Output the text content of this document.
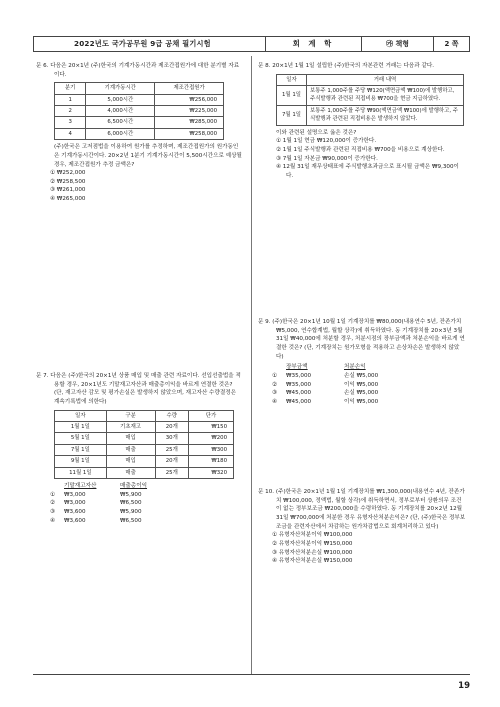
2022년도 국가공무원 9급 공채 필기시험	회 계 학	㉮ 책형	2 쪽

문 6. 다음은 20×1년 (주)한국의 기계가동시간과 제조간접원가에 대한 분기별 자료이다.

분기	기계가동시간	제조간접원가
1	5,000시간	₩256,000
2	4,000시간	₩225,000
3	6,500시간	₩285,000
4	6,000시간	₩258,000

(주)한국은 고저점법을 이용하여 원가를 추정하며, 제조간접원가의 원가동인은 기계가동시간이다. 20×2년 1분기 기계가동시간이 5,500시간으로 예상될 경우, 제조간접원가 추정 금액은?

① ₩252,000

② ₩258,500

③ ₩261,000

④ ₩265,000

문 7. 다음은 (주)한국의 20×1년 상품 매입 및 매출 관련 자료이다. 선입선출법을 적용할 경우, 20×1년도 기말재고자산과 매출총이익을 바르게 연결한 것은? (단, 재고자산 감모 및 평가손실은 발생하지 않았으며, 재고자산 수량결정은 계속기록법에 의한다)

일자	구분	수량	단가
1월 1일	기초재고	20개	₩150
5월 1일	매입	30개	₩200
7월 1일	매출	25개	₩300
9월 1일	매입	20개	₩180
11월 1일	매출	25개	₩320
기말재고자산	매출총이익
①	₩3,000	₩5,900
②	₩3,000	₩6,500
③	₩3,600	₩5,900
④	₩3,600	₩6,500

문 8. 20×1년 1월 1일 설립한 (주)한국의 자본관련 거래는 다음과 같다.

일자	거래 내역
1월 1일	보통주 1,000주를 주당 ₩120(액면금액 ₩100)에 발행하고, 주식발행과 관련된 직접비용 ₩700을 현금 지급하였다.
7월 1일	보통주 1,000주를 주당 ₩90(액면금액 ₩100)에 발행하고, 주식발행과 관련된 직접비용은 발생하지 않았다.

이와 관련된 설명으로 옳은 것은?

① 1월 1일 현금 ₩120,000이 증가한다.

② 1월 1일 주식발행과 관련된 직접비용 ₩700을 비용으로 계상한다.

③ 7월 1일 자본금 ₩90,000이 증가한다.

④ 12월 31일 재무상태표에 주식발행초과금으로 표시될 금액은 ₩9,300이다.

문 9. (주)한국은 20×1년 10월 1일 기계장치를 ₩80,000(내용연수 5년, 잔존가치 ₩5,000, 연수합계법, 월할 상각)에 취득하였다. 동 기계장치를 20×3년 3월 31일 ₩40,000에 처분할 경우, 처분시점의 장부금액과 처분손익을 바르게 연결한 것은? (단, 기계장치는 원가모형을 적용하고 손상차손은 발생하지 않았다)

장부금액	처분손익
①	₩35,000	손실 ₩5,000
②	₩35,000	이익 ₩5,000
③	₩45,000	손실 ₩5,000
④	₩45,000	이익 ₩5,000

문 10. (주)한국은 20×1년 1월 1일 기계장치를 ₩1,300,000(내용연수 4년, 잔존가치 ₩100,000, 정액법, 월할 상각)에 취득하면서, 정부로부터 상환의무 조건이 없는 정부보조금 ₩200,000을 수령하였다. 동 기계장치를 20×2년 12월 31일 ₩700,000에 처분한 경우 유형자산처분손익은? (단, (주)한국은 정부보조금을 관련자산에서 차감하는 원가차감법으로 회계처리하고 있다)

① 유형자산처분이익 ₩100,000

② 유형자산처분이익 ₩150,000

③ 유형자산처분손실 ₩100,000

④ 유형자산처분손실 ₩150,000

19
